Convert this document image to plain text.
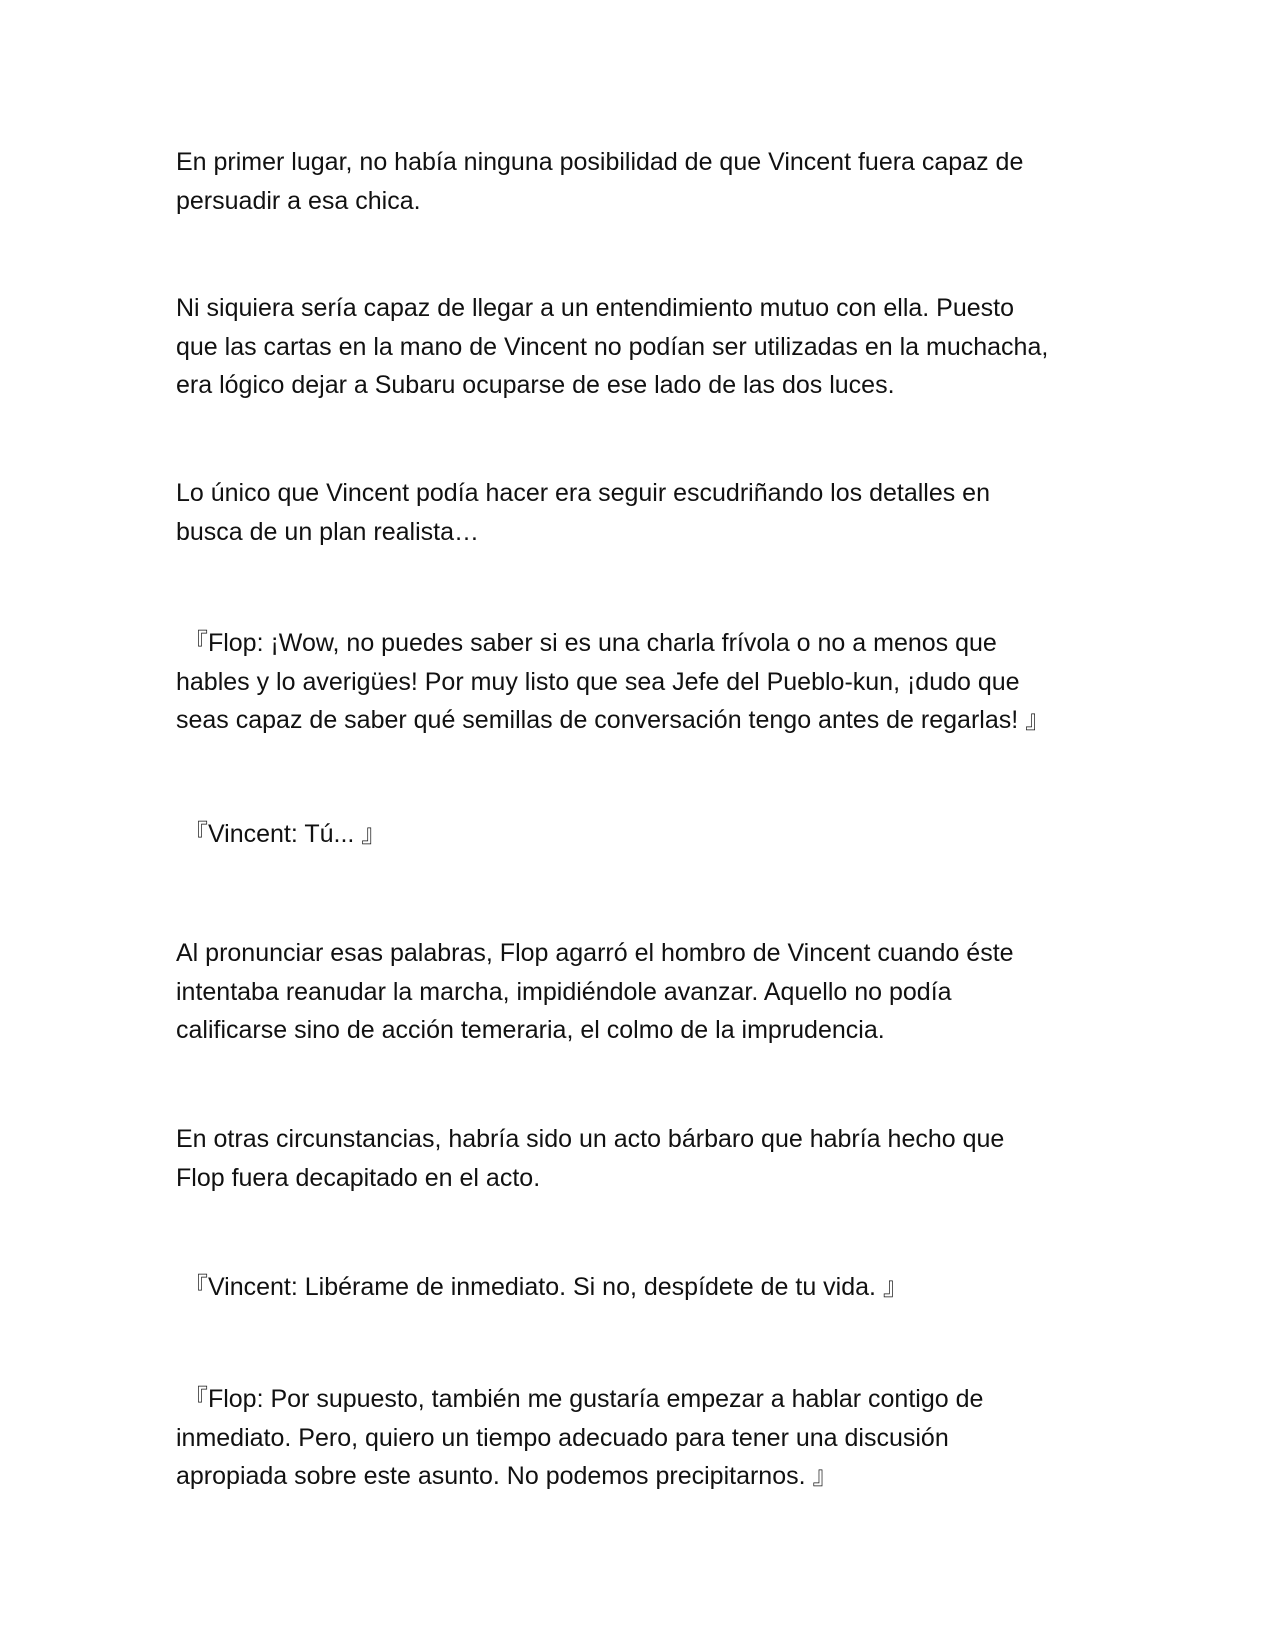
En primer lugar, no había ninguna posibilidad de que Vincent fuera capaz de
persuadir a esa chica.

Ni siquiera sería capaz de llegar a un entendimiento mutuo con ella. Puesto
que las cartas en la mano de Vincent no podían ser utilizadas en la muchacha,
era lógico dejar a Subaru ocuparse de ese lado de las dos luces.

Lo único que Vincent podía hacer era seguir escudriñando los detalles en
busca de un plan realista…

『Flop: ¡Wow, no puedes saber si es una charla frívola o no a menos que
hables y lo averigües! Por muy listo que sea Jefe del Pueblo-kun, ¡dudo que
seas capaz de saber qué semillas de conversación tengo antes de regarlas! 』

『Vincent: Tú... 』

Al pronunciar esas palabras, Flop agarró el hombro de Vincent cuando éste
intentaba reanudar la marcha, impidiéndole avanzar. Aquello no podía
calificarse sino de acción temeraria, el colmo de la imprudencia.

En otras circunstancias, habría sido un acto bárbaro que habría hecho que
Flop fuera decapitado en el acto.

『Vincent: Libérame de inmediato. Si no, despídete de tu vida. 』

『Flop: Por supuesto, también me gustaría empezar a hablar contigo de
inmediato. Pero, quiero un tiempo adecuado para tener una discusión
apropiada sobre este asunto. No podemos precipitarnos. 』
